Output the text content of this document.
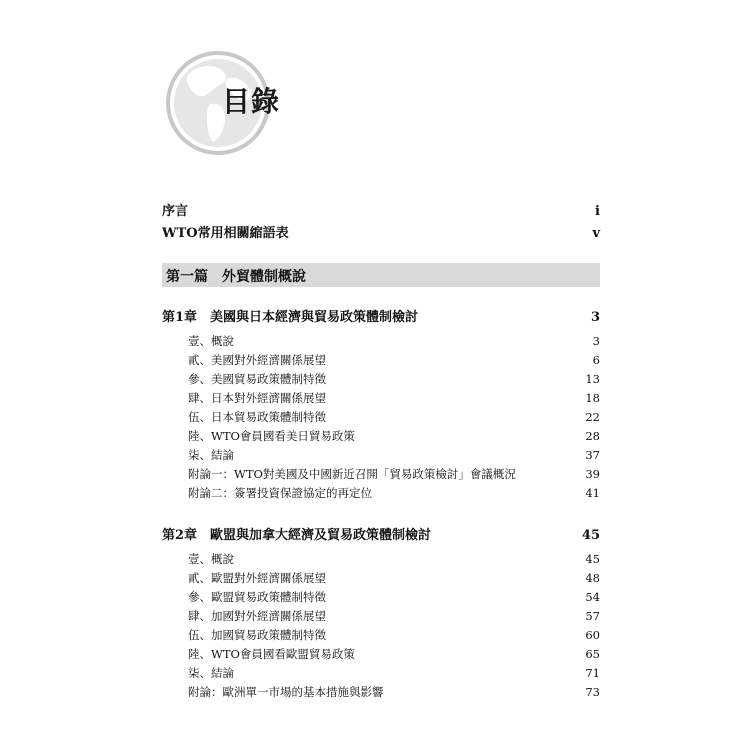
目錄
序言	i
WTO常用相關縮語表	v
第一篇　外貿體制概說
第1章　美國與日本經濟與貿易政策體制檢討	3
壹、概說	3
貳、美國對外經濟關係展望	6
參、美國貿易政策體制特徵	13
肆、日本對外經濟關係展望	18
伍、日本貿易政策體制特徵	22
陸、WTO會員國看美日貿易政策	28
柒、結論	37
附論一：WTO對美國及中國新近召開「貿易政策檢討」會議概況	39
附論二：簽署投資保證協定的再定位	41
第2章　歐盟與加拿大經濟及貿易政策體制檢討	45
壹、概說	45
貳、歐盟對外經濟關係展望	48
參、歐盟貿易政策體制特徵	54
肆、加國對外經濟關係展望	57
伍、加國貿易政策體制特徵	60
陸、WTO會員國看歐盟貿易政策	65
柒、結論	71
附論：歐洲單一市場的基本措施與影響	73
